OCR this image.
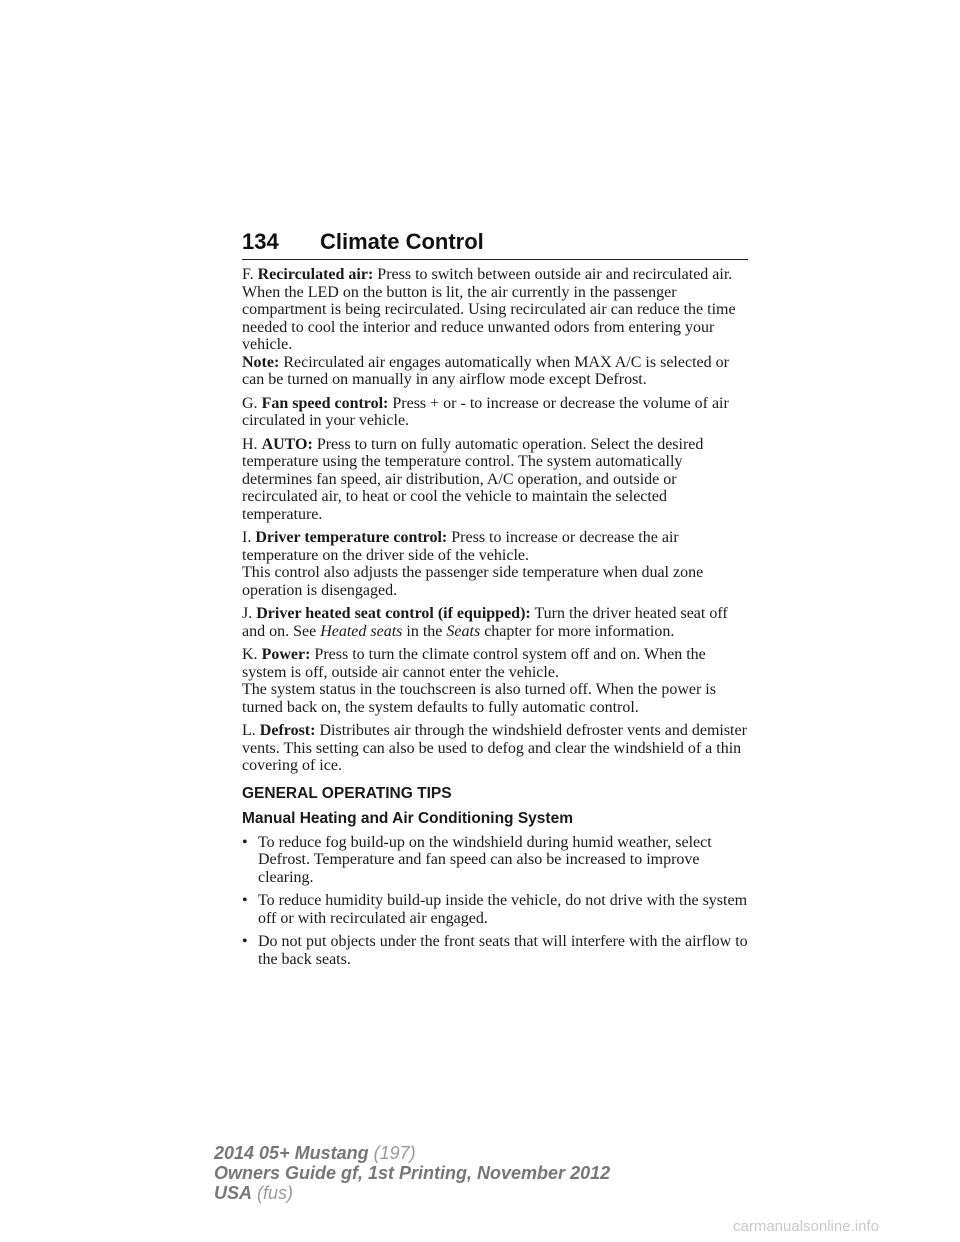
134 Climate Control

F. Recirculated air: Press to switch between outside air and recirculated air. When the LED on the button is lit, the air currently in the passenger compartment is being recirculated. Using recirculated air can reduce the time needed to cool the interior and reduce unwanted odors from entering your vehicle.
Note: Recirculated air engages automatically when MAX A/C is selected or can be turned on manually in any airflow mode except Defrost.

G. Fan speed control: Press + or - to increase or decrease the volume of air circulated in your vehicle.

H. AUTO: Press to turn on fully automatic operation. Select the desired temperature using the temperature control. The system automatically determines fan speed, air distribution, A/C operation, and outside or recirculated air, to heat or cool the vehicle to maintain the selected temperature.

I. Driver temperature control: Press to increase or decrease the air temperature on the driver side of the vehicle.
This control also adjusts the passenger side temperature when dual zone operation is disengaged.

J. Driver heated seat control (if equipped): Turn the driver heated seat off and on. See Heated seats in the Seats chapter for more information.

K. Power: Press to turn the climate control system off and on. When the system is off, outside air cannot enter the vehicle.
The system status in the touchscreen is also turned off. When the power is turned back on, the system defaults to fully automatic control.

L. Defrost: Distributes air through the windshield defroster vents and demister vents. This setting can also be used to defog and clear the windshield of a thin covering of ice.

GENERAL OPERATING TIPS
Manual Heating and Air Conditioning System
• To reduce fog build-up on the windshield during humid weather, select Defrost. Temperature and fan speed can also be increased to improve clearing.
• To reduce humidity build-up inside the vehicle, do not drive with the system off or with recirculated air engaged.
• Do not put objects under the front seats that will interfere with the airflow to the back seats.
2014 05+ Mustang (197)
Owners Guide gf, 1st Printing, November 2012
USA (fus)
carmanualsonline.info
